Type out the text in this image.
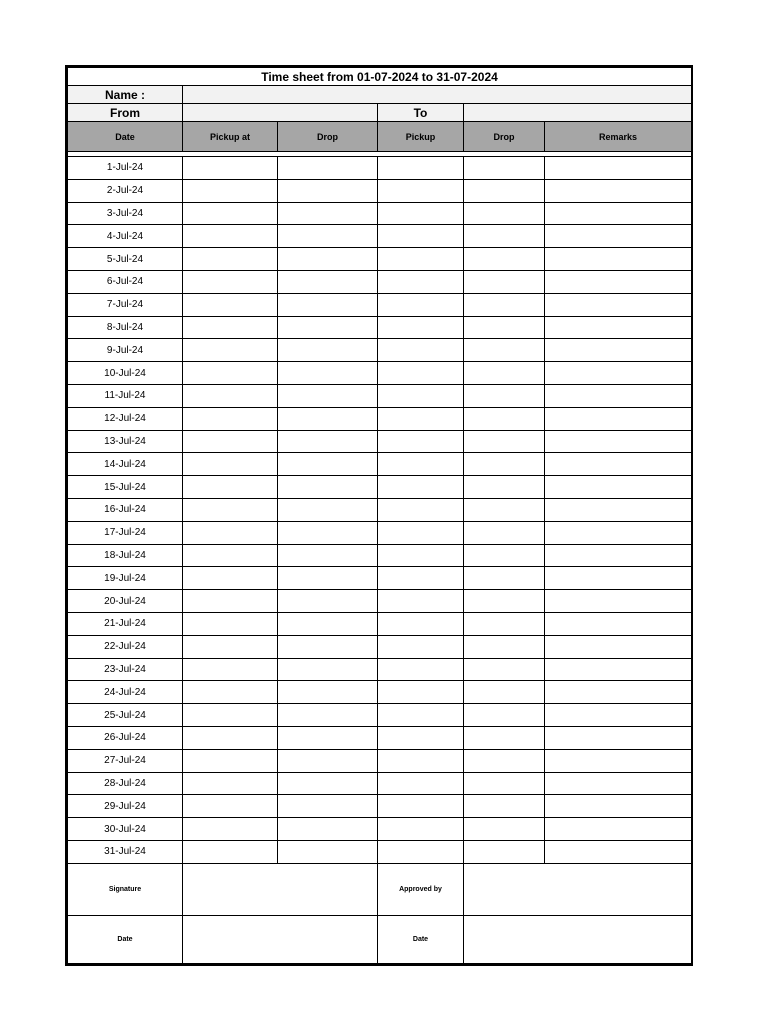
Time sheet from 01-07-2024 to 31-07-2024					
Name :					
From			To		
Date	Pickup at	Drop	Pickup	Drop	Remarks

1-Jul-24					
2-Jul-24					
3-Jul-24					
4-Jul-24					
5-Jul-24					
6-Jul-24					
7-Jul-24					
8-Jul-24					
9-Jul-24					
10-Jul-24					
11-Jul-24					
12-Jul-24					
13-Jul-24					
14-Jul-24					
15-Jul-24					
16-Jul-24					
17-Jul-24					
18-Jul-24					
19-Jul-24					
20-Jul-24					
21-Jul-24					
22-Jul-24					
23-Jul-24					
24-Jul-24					
25-Jul-24					
26-Jul-24					
27-Jul-24					
28-Jul-24					
29-Jul-24					
30-Jul-24					
31-Jul-24					
Signature			Approved by		
Date			Date		
